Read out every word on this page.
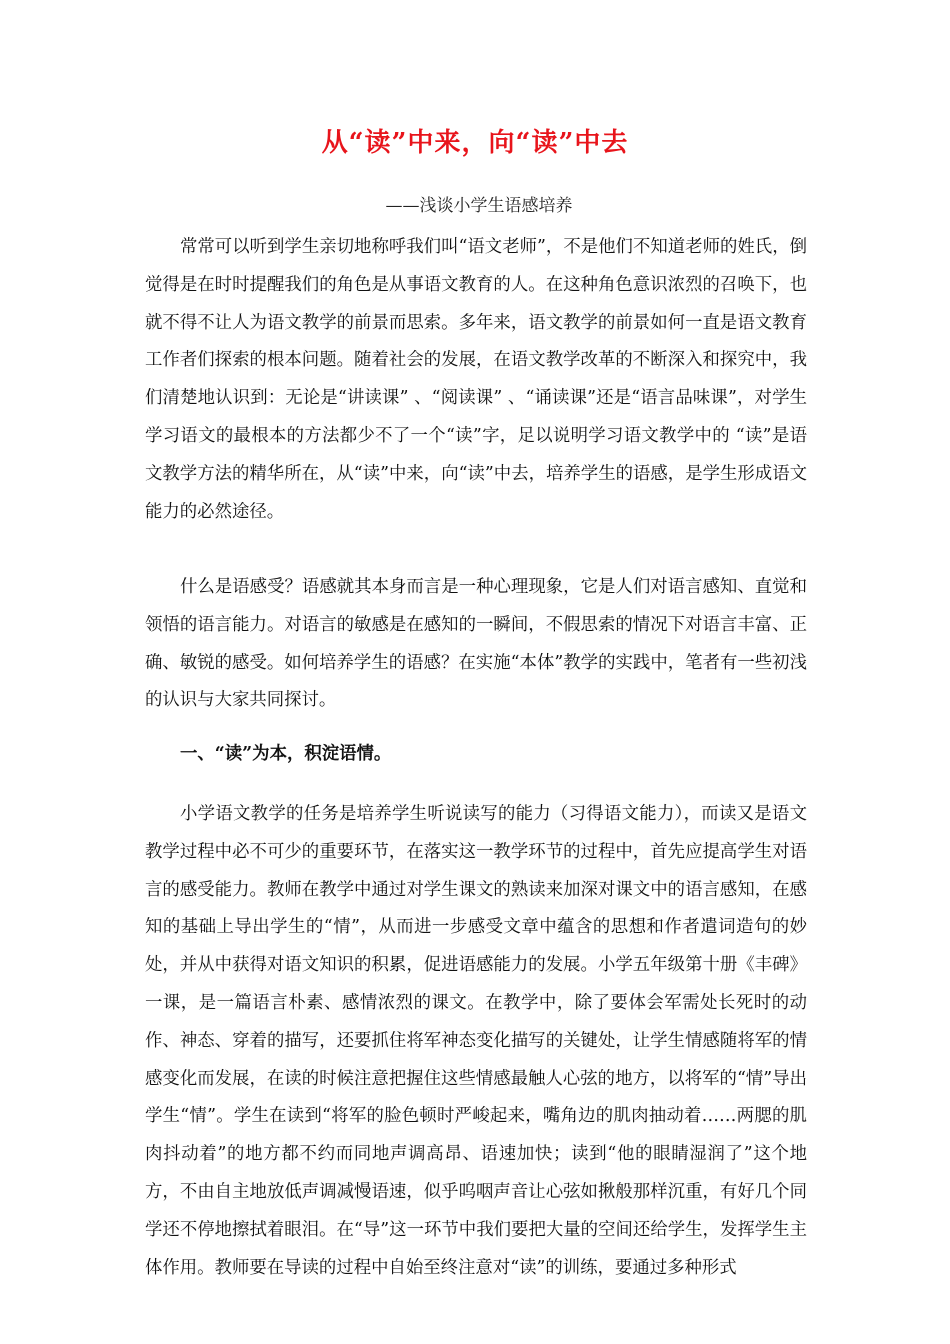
从“读”中来，向“读”中去
——浅谈小学生语感培养

常常可以听到学生亲切地称呼我们叫“语文老师”，不是他们不知道老师的姓氏，倒觉得是在时时提醒我们的角色是从事语文教育的人。在这种角色意识浓烈的召唤下，也就不得不让人为语文教学的前景而思索。多年来，语文教学的前景如何一直是语文教育工作者们探索的根本问题。随着社会的发展，在语文教学改革的不断深入和探究中，我们清楚地认识到：无论是“讲读课” 、“阅读课” 、“诵读课”还是“语言品味课”，对学生学习语文的最根本的方法都少不了一个“读”字，足以说明学习语文教学中的 “读”是语文教学方法的精华所在，从“读”中来，向“读”中去，培养学生的语感，是学生形成语文能力的必然途径。

什么是语感受？语感就其本身而言是一种心理现象，它是人们对语言感知、直觉和领悟的语言能力。对语言的敏感是在感知的一瞬间，不假思索的情况下对语言丰富、正确、敏锐的感受。如何培养学生的语感？在实施“本体”教学的实践中，笔者有一些初浅的认识与大家共同探讨。

一、“读”为本，积淀语情。

小学语文教学的任务是培养学生听说读写的能力（习得语文能力），而读又是语文教学过程中必不可少的重要环节，在落实这一教学环节的过程中，首先应提高学生对语言的感受能力。教师在教学中通过对学生课文的熟读来加深对课文中的语言感知，在感知的基础上导出学生的“情”，从而进一步感受文章中蕴含的思想和作者遣词造句的妙处，并从中获得对语文知识的积累，促进语感能力的发展。小学五年级第十册《丰碑》一课，是一篇语言朴素、感情浓烈的课文。在教学中，除了要体会军需处长死时的动作、神态、穿着的描写，还要抓住将军神态变化描写的关键处，让学生情感随将军的情感变化而发展，在读的时候注意把握住这些情感最触人心弦的地方，以将军的“情”导出学生“情”。学生在读到“将军的脸色顿时严峻起来，嘴角边的肌肉抽动着……两腮的肌肉抖动着”的地方都不约而同地声调高昂、语速加快；读到“他的眼睛湿润了”这个地方，不由自主地放低声调减慢语速，似乎呜咽声音让心弦如揪般那样沉重，有好几个同学还不停地擦拭着眼泪。在“导”这一环节中我们要把大量的空间还给学生，发挥学生主体作用。教师要在导读的过程中自始至终注意对“读”的训练，要通过多种形式
